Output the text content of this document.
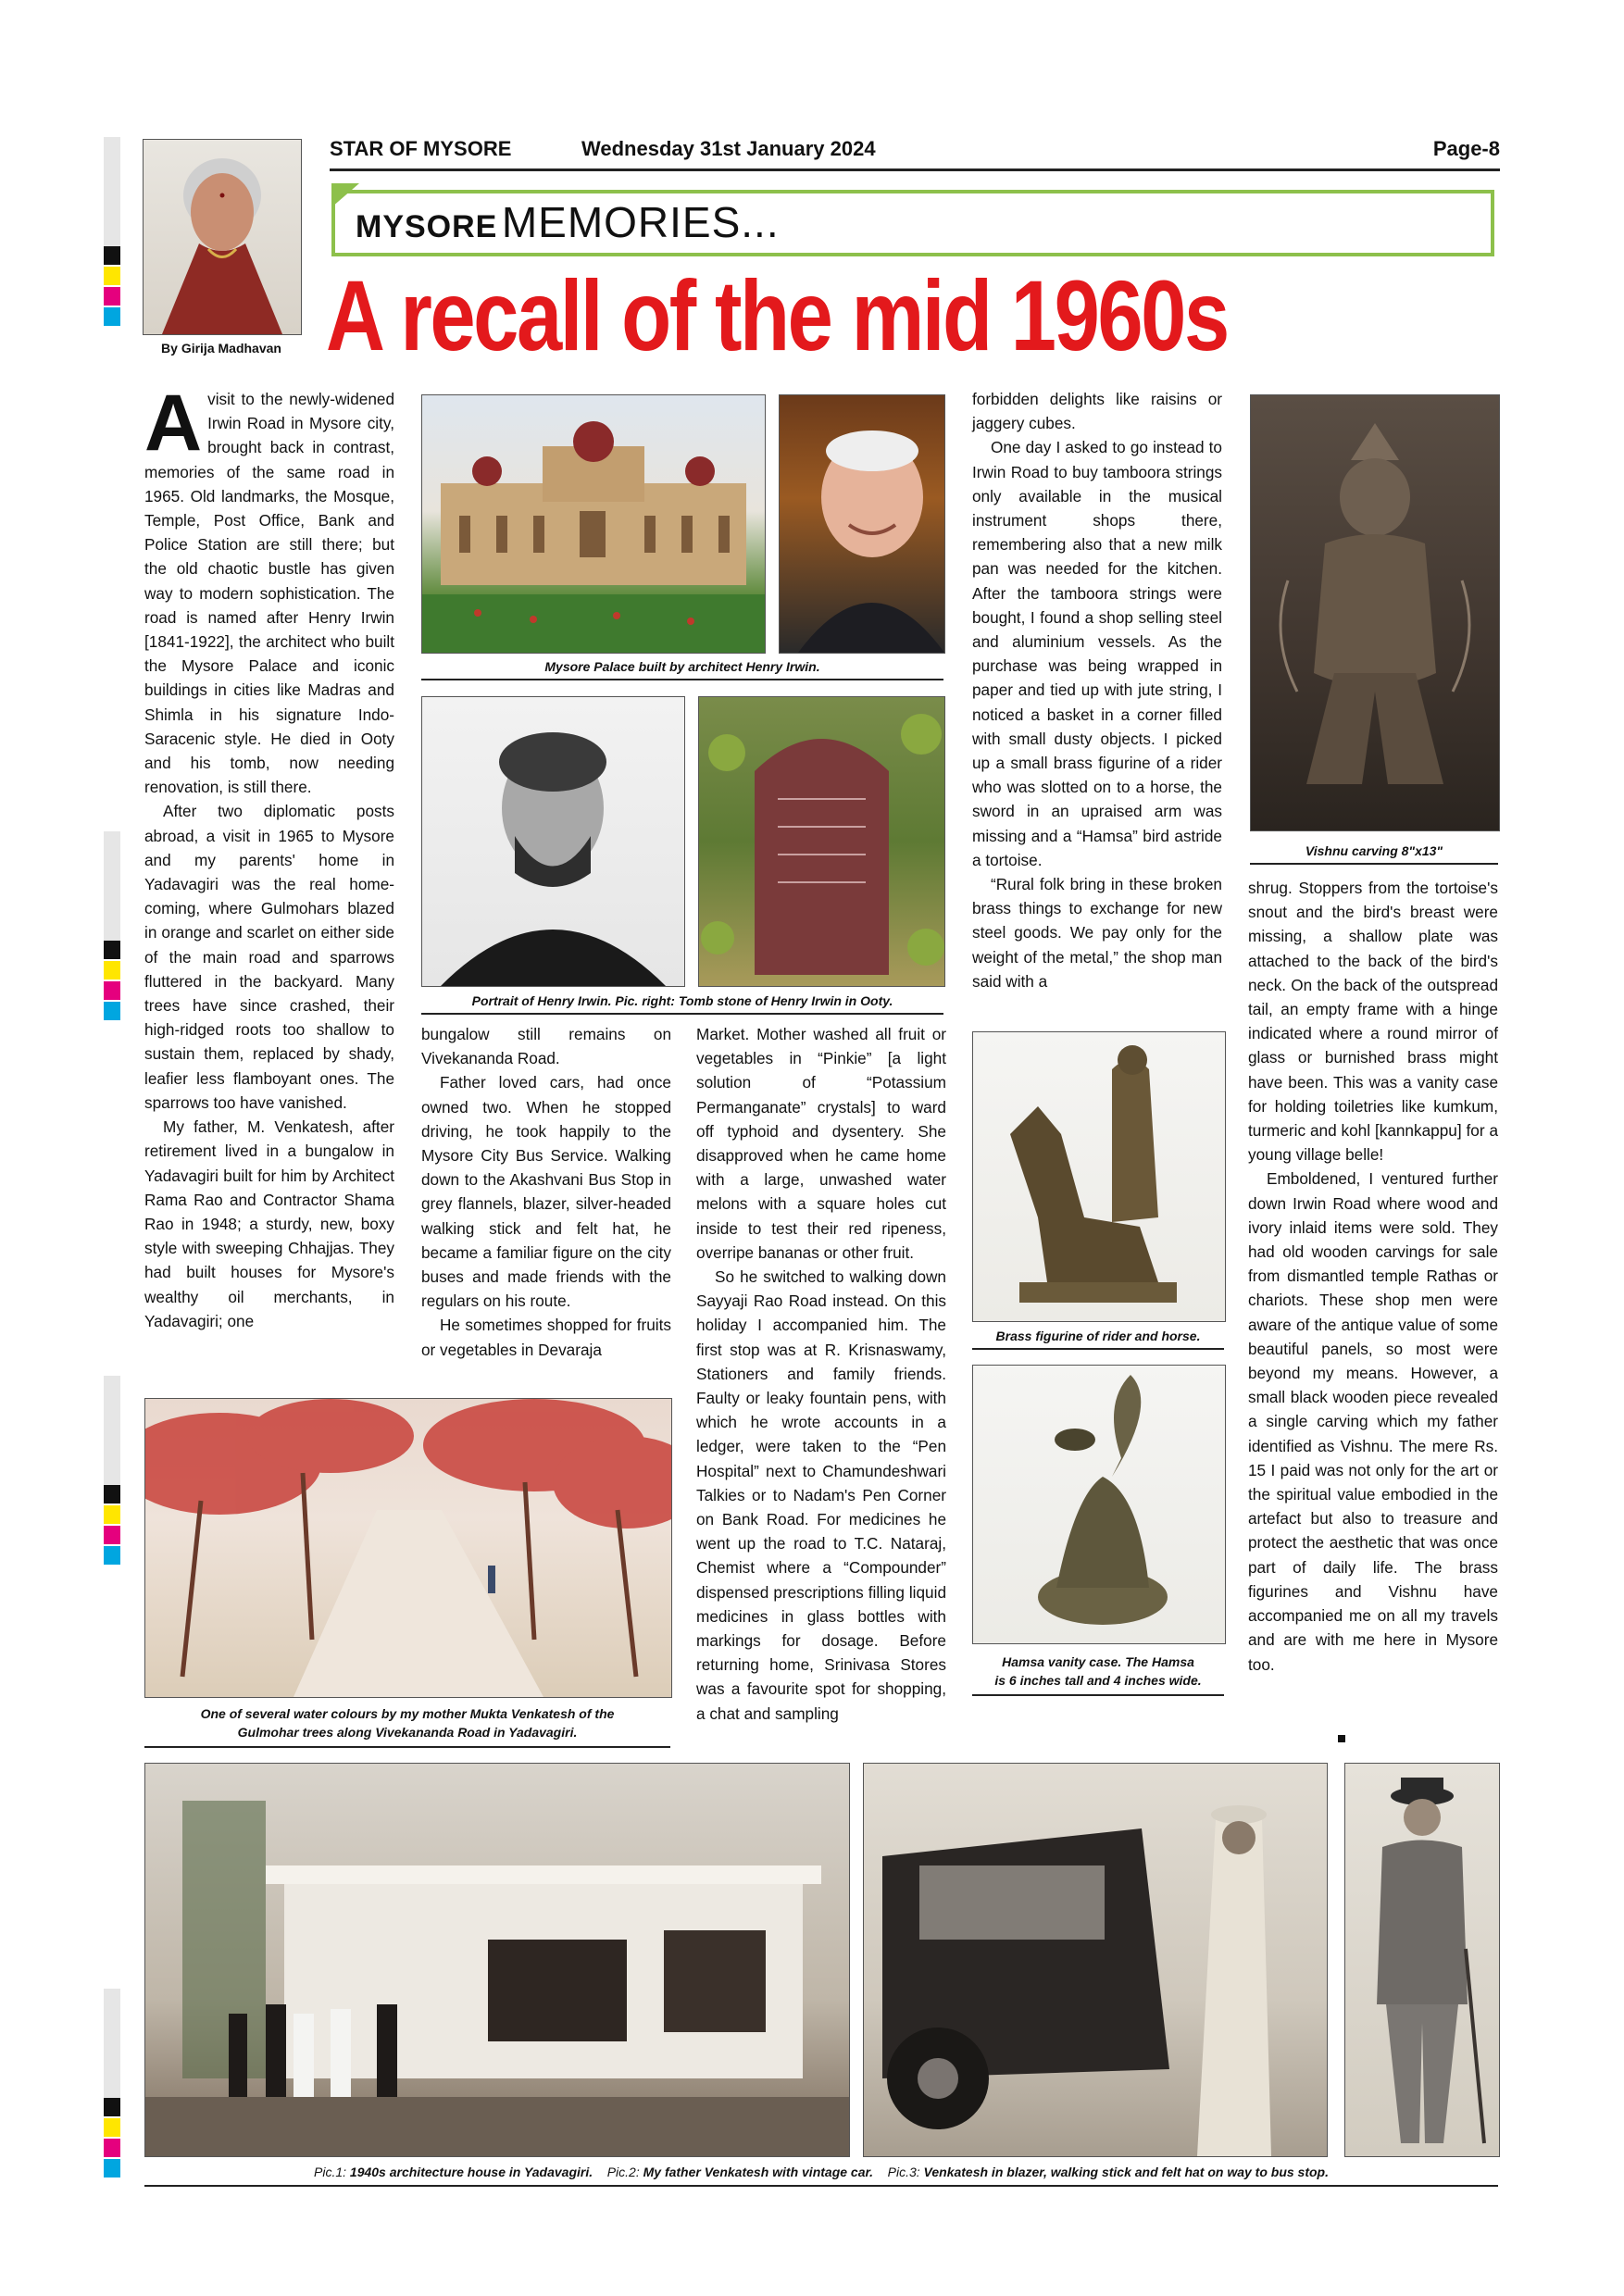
By Girija Madhavan
STAR OF MYSORE	Wednesday 31st January 2024	Page-8
MYSORE MEMORIES...
A recall of the mid 1960s

Avisit to the newly-widened Irwin Road in Mysore city, brought back in contrast, memories of the same road in 1965. Old landmarks, the Mosque, Temple, Post Office, Bank and Police Station are still there; but the old chaotic bustle has given way to modern sophistication. The road is named after Henry Irwin [1841-1922], the architect who built the Mysore Palace and iconic buildings in cities like Madras and Shimla in his signature Indo-Saracenic style. He died in Ooty and his tomb, now needing renovation, is still there.

After two diplomatic posts abroad, a visit in 1965 to Mysore and my parents' home in Yadavagiri was the real home-coming, where Gulmohars blazed in orange and scarlet on either side of the main road and sparrows fluttered in the backyard. Many trees have since crashed, their high-ridged roots too shallow to sustain them, replaced by shady, leafier less flamboyant ones. The sparrows too have vanished.

My father, M. Venkatesh, after retirement lived in a bungalow in Yadavagiri built for him by Architect Rama Rao and Contractor Shama Rao in 1948; a sturdy, new, boxy style with sweeping Chhajjas. They had built houses for Mysore's wealthy oil merchants, in Yadavagiri; one

Mysore Palace built by architect Henry Irwin.
Portrait of Henry Irwin. Pic. right: Tomb stone of Henry Irwin in Ooty.

bungalow still remains on Vivekananda Road.

Father loved cars, had once owned two. When he stopped driving, he took happily to the Mysore City Bus Service. Walking down to the Akashvani Bus Stop in grey flannels, blazer, silver-headed walking stick and felt hat, he became a familiar figure on the city buses and made friends with the regulars on his route.

He sometimes shopped for fruits or vegetables in Devaraja

Market. Mother washed all fruit or vegetables in “Pinkie” [a light solution of “Potassium Permanganate” crystals] to ward off typhoid and dysentery. She disapproved when he came home with a large, unwashed water melons with a square holes cut inside to test their red ripeness, overripe bananas or other fruit.

So he switched to walking down Sayyaji Rao Road instead. On this holiday I accompanied him. The first stop was at R. Krisnaswamy, Stationers and family friends. Faulty or leaky fountain pens, with which he wrote accounts in a ledger, were taken to the “Pen Hospital” next to Chamundeshwari Talkies or to Nadam's Pen Corner on Bank Road. For medicines he went up the road to T.C. Nataraj, Chemist where a “Compounder” dispensed prescriptions filling liquid medicines in glass bottles with markings for dosage. Before returning home, Srinivasa Stores was a favourite spot for shopping, a chat and sampling

forbidden delights like raisins or jaggery cubes.

One day I asked to go instead to Irwin Road to buy tamboora strings only available in the musical instrument shops there, remembering also that a new milk pan was needed for the kitchen. After the tamboora strings were bought, I found a shop selling steel and aluminium vessels. As the purchase was being wrapped in paper and tied up with jute string, I noticed a basket in a corner filled with small dusty objects. I picked up a small brass figurine of a rider who was slotted on to a horse, the sword in an upraised arm was missing and a “Hamsa” bird astride a tortoise.

“Rural folk bring in these broken brass things to exchange for new steel goods. We pay only for the weight of the metal,” the shop man said with a

Vishnu carving 8"x13"

shrug. Stoppers from the tortoise's snout and the bird's breast were missing, a shallow plate was attached to the back of the bird's neck. On the back of the outspread tail, an empty frame with a hinge indicated where a round mirror of glass or burnished brass might have been. This was a vanity case for holding toiletries like kumkum, turmeric and kohl [kannkappu] for a young village belle!

Emboldened, I ventured further down Irwin Road where wood and ivory inlaid items were sold. They had old wooden carvings for sale from dismantled temple Rathas or chariots. These shop men were aware of the antique value of some beautiful panels, so most were beyond my means. However, a small black wooden piece revealed a single carving which my father identified as Vishnu. The mere Rs. 15 I paid was not only for the art or the spiritual value embodied in the artefact but also to treasure and protect the aesthetic that was once part of daily life. The brass figurines and Vishnu have accompanied me on all my travels and are with me here in Mysore too.

Brass figurine of rider and horse.
Hamsa vanity case. The Hamsa
is 6 inches tall and 4 inches wide.
One of several water colours by my mother Mukta Venkatesh of the
Gulmohar trees along Vivekananda Road in Yadavagiri.
Pic.1: 1940s architecture house in Yadavagiri. Pic.2: My father Venkatesh with vintage car. Pic.3: Venkatesh in blazer, walking stick and felt hat on way to bus stop.
